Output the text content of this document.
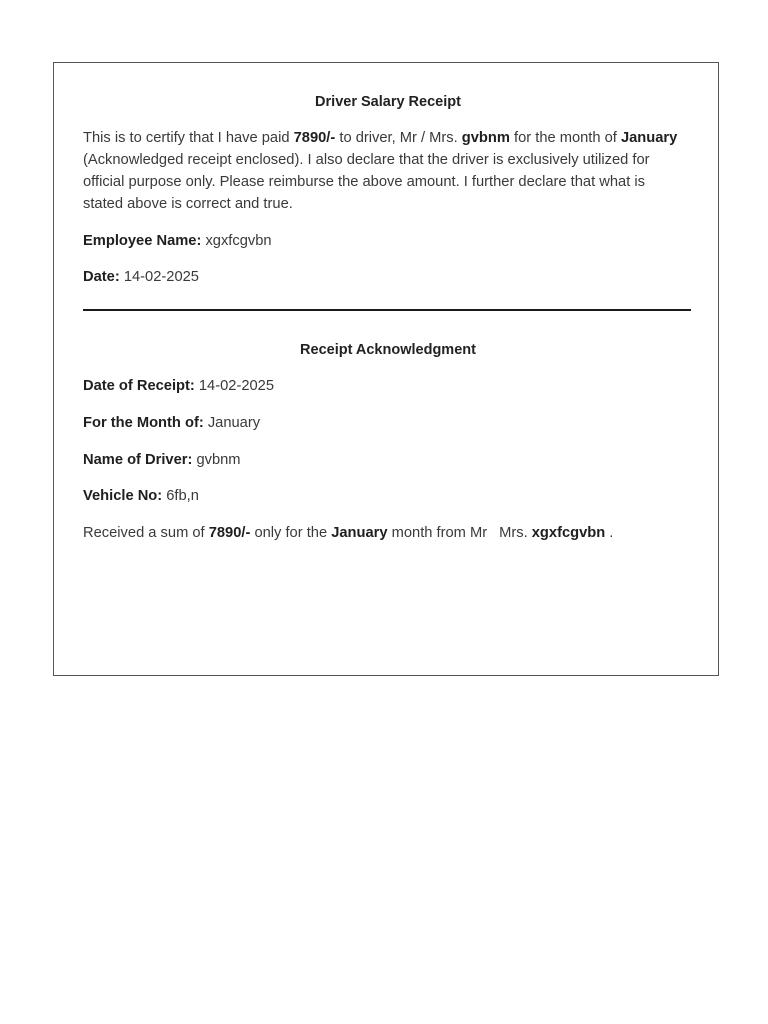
Driver Salary Receipt

This is to certify that I have paid 7890/- to driver, Mr / Mrs. gvbnm for the month of January (Acknowledged receipt enclosed). I also declare that the driver is exclusively utilized for official purpose only. Please reimburse the above amount. I further declare that what is stated above is correct and true.

Employee Name: xgxfcgvbn

Date: 14-02-2025

Receipt Acknowledgment

Date of Receipt: 14-02-2025

For the Month of: January

Name of Driver: gvbnm

Vehicle No: 6fb,n

Received a sum of 7890/- only for the January month from Mr Mrs. xgxfcgvbn .
